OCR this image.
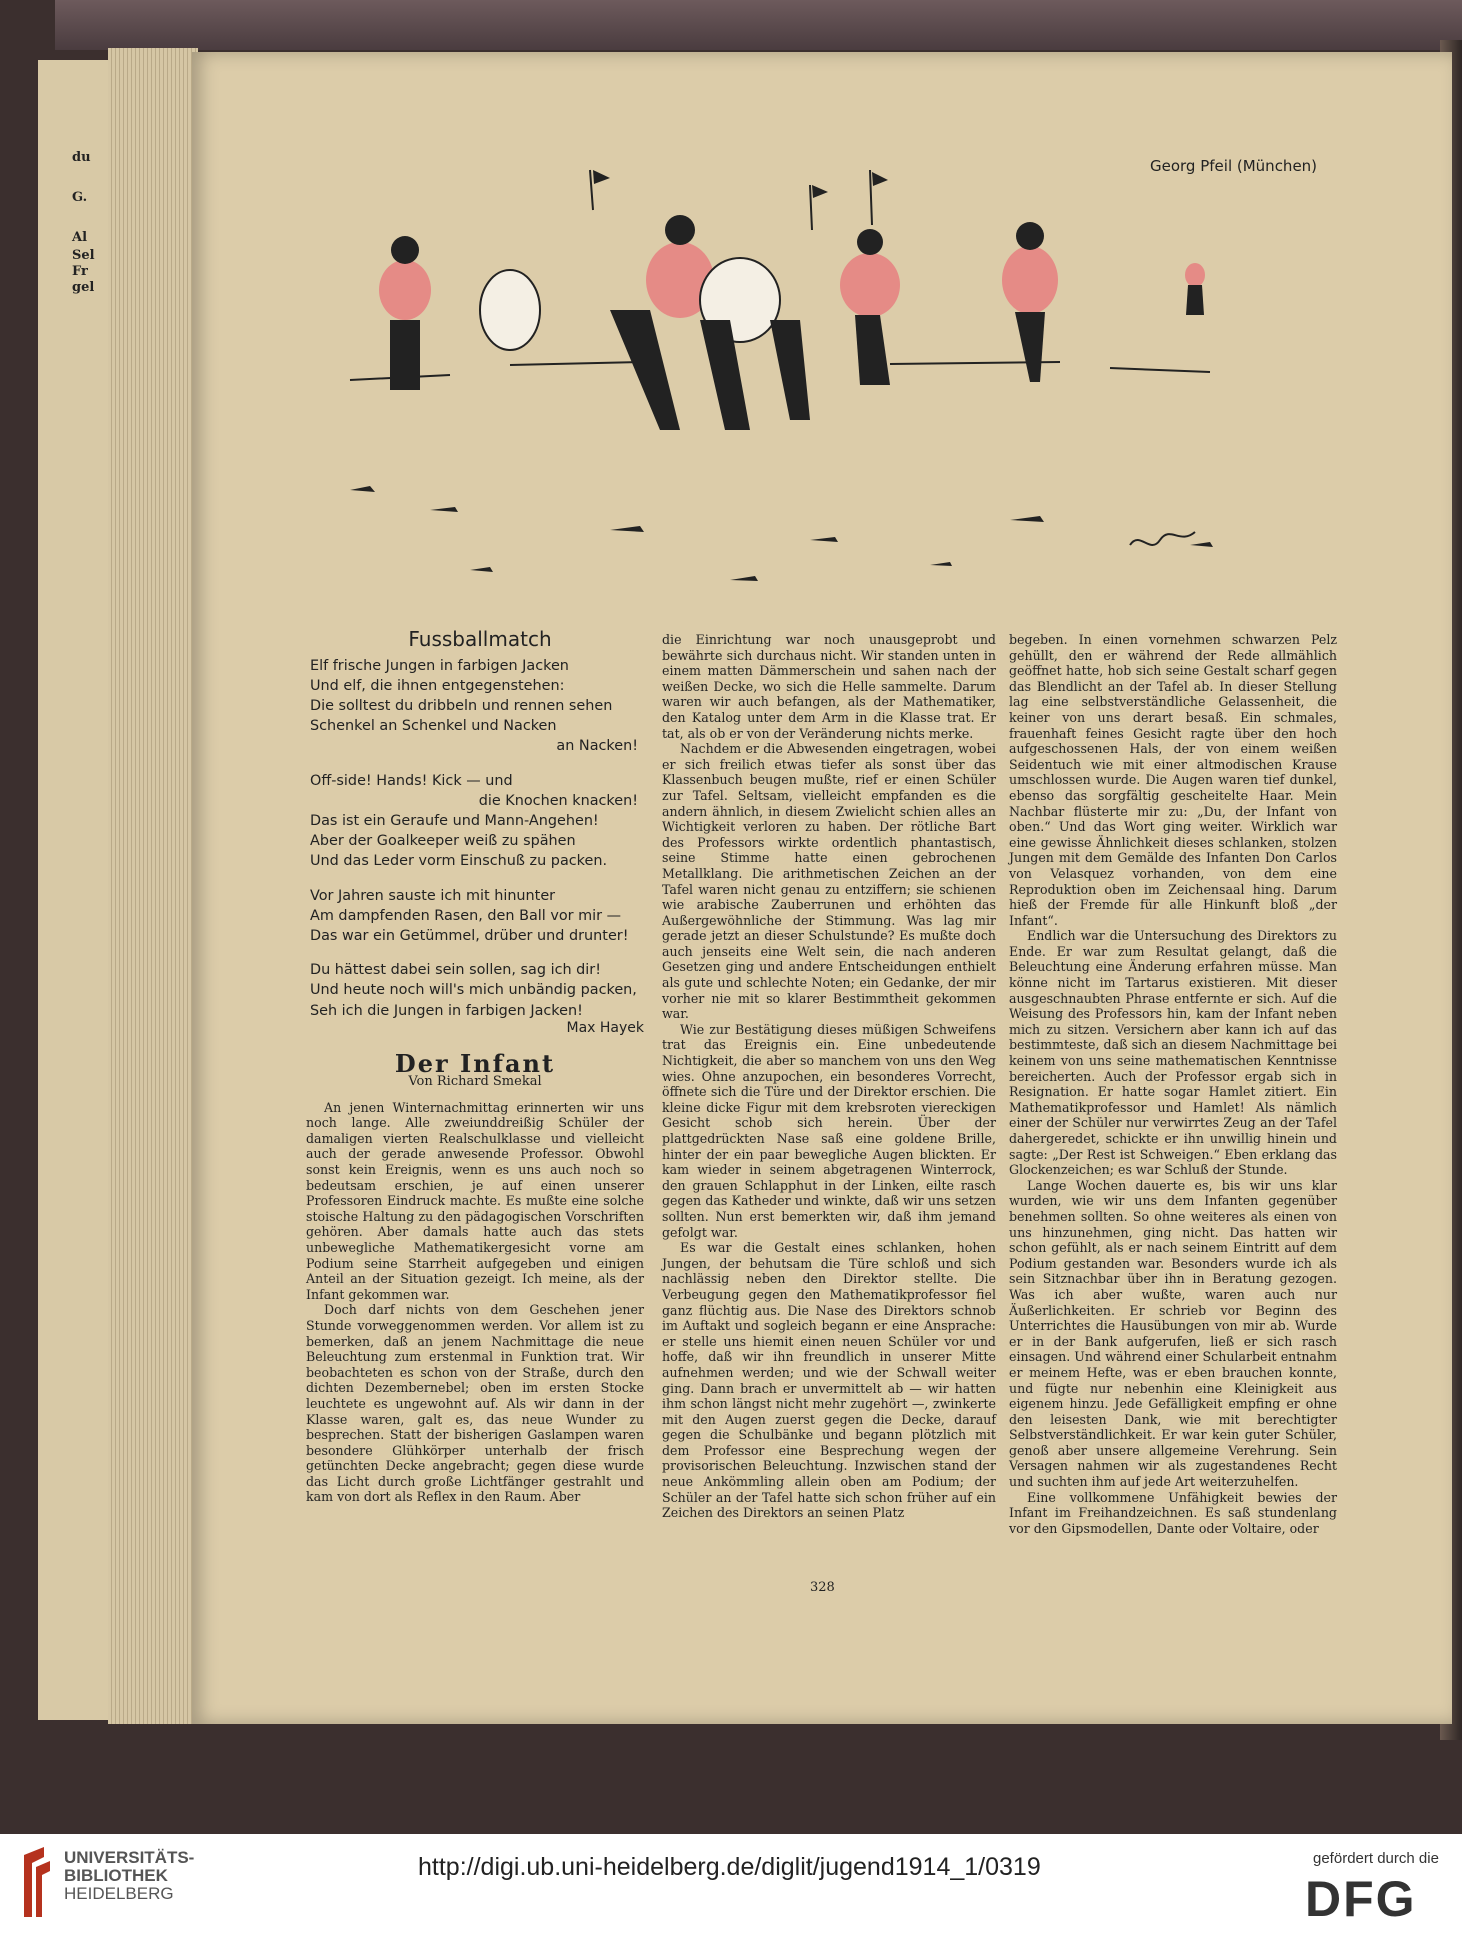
du
G.
Al
Sel
Fr
gel
Georg Pfeil (München)
Fussballmatch
Elf frische Jungen in farbigen Jacken
Und elf, die ihnen entgegenstehen:
Die solltest du dribbeln und rennen sehen
Schenkel an Schenkel und Nacken
an Nacken!
Off-side! Hands! Kick — und
die Knochen knacken!
Das ist ein Geraufe und Mann-Angehen!
Aber der Goalkeeper weiß zu spähen
Und das Leder vorm Einschuß zu packen.
Vor Jahren sauste ich mit hinunter
Am dampfenden Rasen, den Ball vor mir —
Das war ein Getümmel, drüber und drunter!
Du hättest dabei sein sollen, sag ich dir!
Und heute noch will's mich unbändig packen,
Seh ich die Jungen in farbigen Jacken!
Max Hayek
Der Infant
Von Richard Smekal

An jenen Winternachmittag erinnerten wir uns noch lange. Alle zweiunddreißig Schüler der damaligen vierten Realschulklasse und vielleicht auch der gerade anwesende Professor. Obwohl sonst kein Ereignis, wenn es uns auch noch so bedeutsam erschien, je auf einen unserer Professoren Eindruck machte. Es mußte eine solche stoische Haltung zu den pädagogischen Vorschriften gehören. Aber damals hatte auch das stets unbewegliche Mathematikergesicht vorne am Podium seine Starrheit aufgegeben und einigen Anteil an der Situation gezeigt. Ich meine, als der Infant gekommen war.

Doch darf nichts von dem Geschehen jener Stunde vorweggenommen werden. Vor allem ist zu bemerken, daß an jenem Nachmittage die neue Beleuchtung zum erstenmal in Funktion trat. Wir beobachteten es schon von der Straße, durch den dichten Dezembernebel; oben im ersten Stocke leuchtete es ungewohnt auf. Als wir dann in der Klasse waren, galt es, das neue Wunder zu besprechen. Statt der bisherigen Gaslampen waren besondere Glühkörper unterhalb der frisch getünchten Decke angebracht; gegen diese wurde das Licht durch große Lichtfänger gestrahlt und kam von dort als Reflex in den Raum. Aber

die Einrichtung war noch unausgeprobt und bewährte sich durchaus nicht. Wir standen unten in einem matten Dämmerschein und sahen nach der weißen Decke, wo sich die Helle sammelte. Darum waren wir auch befangen, als der Mathematiker, den Katalog unter dem Arm in die Klasse trat. Er tat, als ob er von der Veränderung nichts merke.

Nachdem er die Abwesenden eingetragen, wobei er sich freilich etwas tiefer als sonst über das Klassenbuch beugen mußte, rief er einen Schüler zur Tafel. Seltsam, vielleicht empfanden es die andern ähnlich, in diesem Zwielicht schien alles an Wichtigkeit verloren zu haben. Der rötliche Bart des Professors wirkte ordentlich phantastisch, seine Stimme hatte einen gebrochenen Metallklang. Die arithmetischen Zeichen an der Tafel waren nicht genau zu entziffern; sie schienen wie arabische Zauberrunen und erhöhten das Außergewöhnliche der Stimmung. Was lag mir gerade jetzt an dieser Schulstunde? Es mußte doch auch jenseits eine Welt sein, die nach anderen Gesetzen ging und andere Entscheidungen enthielt als gute und schlechte Noten; ein Gedanke, der mir vorher nie mit so klarer Bestimmtheit gekommen war.

Wie zur Bestätigung dieses müßigen Schweifens trat das Ereignis ein. Eine unbedeutende Nichtigkeit, die aber so manchem von uns den Weg wies. Ohne anzupochen, ein besonderes Vorrecht, öffnete sich die Türe und der Direktor erschien. Die kleine dicke Figur mit dem krebsroten viereckigen Gesicht schob sich herein. Über der plattgedrückten Nase saß eine goldene Brille, hinter der ein paar bewegliche Augen blickten. Er kam wieder in seinem abgetragenen Winterrock, den grauen Schlapphut in der Linken, eilte rasch gegen das Katheder und winkte, daß wir uns setzen sollten. Nun erst bemerkten wir, daß ihm jemand gefolgt war.

Es war die Gestalt eines schlanken, hohen Jungen, der behutsam die Türe schloß und sich nachlässig neben den Direktor stellte. Die Verbeugung gegen den Mathematikprofessor fiel ganz flüchtig aus. Die Nase des Direktors schnob im Auftakt und sogleich begann er eine Ansprache: er stelle uns hiemit einen neuen Schüler vor und hoffe, daß wir ihn freundlich in unserer Mitte aufnehmen werden; und wie der Schwall weiter ging. Dann brach er unvermittelt ab — wir hatten ihm schon längst nicht mehr zugehört —, zwinkerte mit den Augen zuerst gegen die Decke, darauf gegen die Schulbänke und begann plötzlich mit dem Professor eine Besprechung wegen der provisorischen Beleuchtung. Inzwischen stand der neue Ankömmling allein oben am Podium; der Schüler an der Tafel hatte sich schon früher auf ein Zeichen des Direktors an seinen Platz

begeben. In einen vornehmen schwarzen Pelz gehüllt, den er während der Rede allmählich geöffnet hatte, hob sich seine Gestalt scharf gegen das Blendlicht an der Tafel ab. In dieser Stellung lag eine selbstverständliche Gelassenheit, die keiner von uns derart besaß. Ein schmales, frauenhaft feines Gesicht ragte über den hoch aufgeschossenen Hals, der von einem weißen Seidentuch wie mit einer altmodischen Krause umschlossen wurde. Die Augen waren tief dunkel, ebenso das sorgfältig gescheitelte Haar. Mein Nachbar flüsterte mir zu: „Du, der Infant von oben.“ Und das Wort ging weiter. Wirklich war eine gewisse Ähnlichkeit dieses schlanken, stolzen Jungen mit dem Gemälde des Infanten Don Carlos von Velasquez vorhanden, von dem eine Reproduktion oben im Zeichensaal hing. Darum hieß der Fremde für alle Hinkunft bloß „der Infant“.

Endlich war die Untersuchung des Direktors zu Ende. Er war zum Resultat gelangt, daß die Beleuchtung eine Änderung erfahren müsse. Man könne nicht im Tartarus existieren. Mit dieser ausgeschnaubten Phrase entfernte er sich. Auf die Weisung des Professors hin, kam der Infant neben mich zu sitzen. Versichern aber kann ich auf das bestimmteste, daß sich an diesem Nachmittage bei keinem von uns seine mathematischen Kenntnisse bereicherten. Auch der Professor ergab sich in Resignation. Er hatte sogar Hamlet zitiert. Ein Mathematikprofessor und Hamlet! Als nämlich einer der Schüler nur verwirrtes Zeug an der Tafel dahergeredet, schickte er ihn unwillig hinein und sagte: „Der Rest ist Schweigen.“ Eben erklang das Glockenzeichen; es war Schluß der Stunde.

Lange Wochen dauerte es, bis wir uns klar wurden, wie wir uns dem Infanten gegenüber benehmen sollten. So ohne weiteres als einen von uns hinzunehmen, ging nicht. Das hatten wir schon gefühlt, als er nach seinem Eintritt auf dem Podium gestanden war. Besonders wurde ich als sein Sitznachbar über ihn in Beratung gezogen. Was ich aber wußte, waren auch nur Äußerlichkeiten. Er schrieb vor Beginn des Unterrichtes die Hausübungen von mir ab. Wurde er in der Bank aufgerufen, ließ er sich rasch einsagen. Und während einer Schularbeit entnahm er meinem Hefte, was er eben brauchen konnte, und fügte nur nebenhin eine Kleinigkeit aus eigenem hinzu. Jede Gefälligkeit empfing er ohne den leisesten Dank, wie mit berechtigter Selbstverständlichkeit. Er war kein guter Schüler, genoß aber unsere allgemeine Verehrung. Sein Versagen nahmen wir als zugestandenes Recht und suchten ihm auf jede Art weiterzuhelfen.

Eine vollkommene Unfähigkeit bewies der Infant im Freihandzeichnen. Es saß stundenlang vor den Gipsmodellen, Dante oder Voltaire, oder

328
UNIVERSITÄTS-
BIBLIOTHEK
HEIDELBERG
http://digi.ub.uni-heidelberg.de/diglit/jugend1914_1/0319	gefördert durch die
DFG
